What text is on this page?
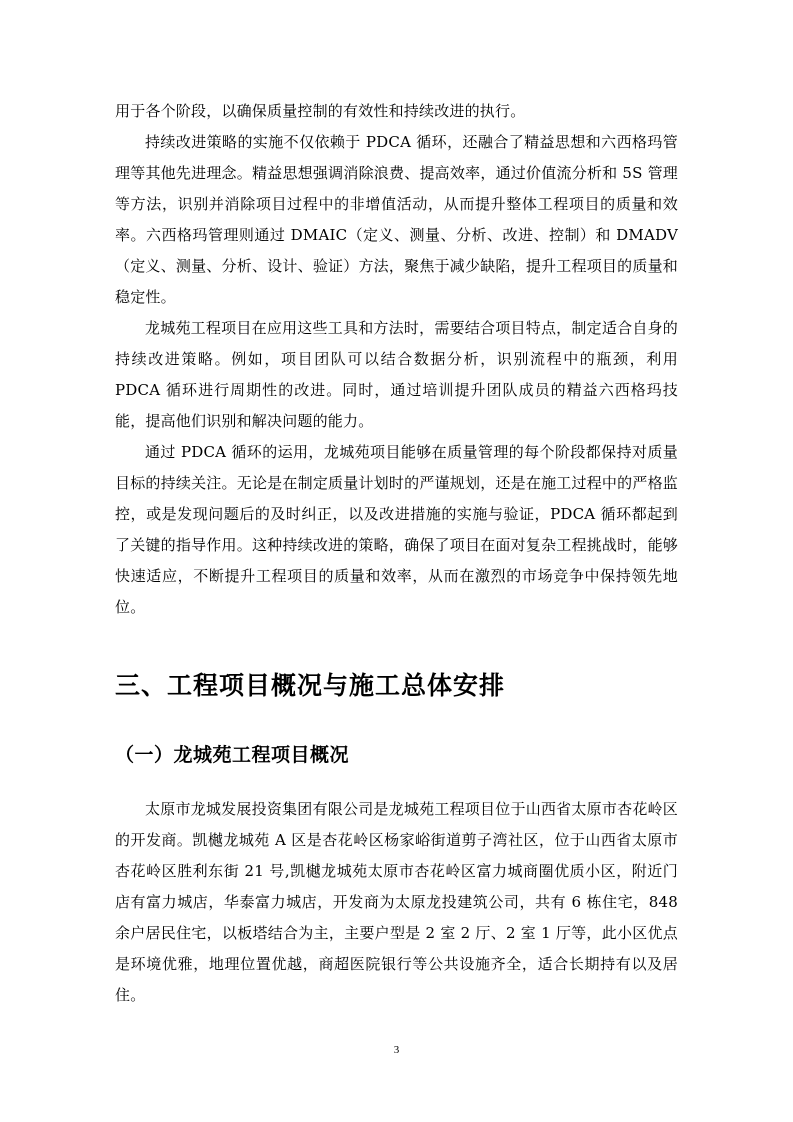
用于各个阶段，以确保质量控制的有效性和持续改进的执行。

持续改进策略的实施不仅依赖于 PDCA 循环，还融合了精益思想和六西格玛管理等其他先进理念。精益思想强调消除浪费、提高效率，通过价值流分析和 5S 管理等方法，识别并消除项目过程中的非增值活动，从而提升整体工程项目的质量和效率。六西格玛管理则通过 DMAIC（定义、测量、分析、改进、控制）和 DMADV（定义、测量、分析、设计、验证）方法，聚焦于减少缺陷，提升工程项目的质量和稳定性。

龙城苑工程项目在应用这些工具和方法时，需要结合项目特点，制定适合自身的持续改进策略。例如，项目团队可以结合数据分析，识别流程中的瓶颈，利用 PDCA 循环进行周期性的改进。同时，通过培训提升团队成员的精益六西格玛技能，提高他们识别和解决问题的能力。

通过 PDCA 循环的运用，龙城苑项目能够在质量管理的每个阶段都保持对质量目标的持续关注。无论是在制定质量计划时的严谨规划，还是在施工过程中的严格监控，或是发现问题后的及时纠正，以及改进措施的实施与验证，PDCA 循环都起到了关键的指导作用。这种持续改进的策略，确保了项目在面对复杂工程挑战时，能够快速适应，不断提升工程项目的质量和效率，从而在激烈的市场竞争中保持领先地位。

三、工程项目概况与施工总体安排
（一）龙城苑工程项目概况

太原市龙城发展投资集团有限公司是龙城苑工程项目位于山西省太原市杏花岭区的开发商。凯樾龙城苑 A 区是杏花岭区杨家峪街道剪子湾社区，位于山西省太原市杏花岭区胜利东街 21 号,凯樾龙城苑太原市杏花岭区富力城商圈优质小区，附近门店有富力城店，华泰富力城店，开发商为太原龙投建筑公司，共有 6 栋住宅，848 余户居民住宅，以板塔结合为主，主要户型是 2 室 2 厅、2 室 1 厅等，此小区优点是环境优雅，地理位置优越，商超医院银行等公共设施齐全，适合长期持有以及居住。

3
